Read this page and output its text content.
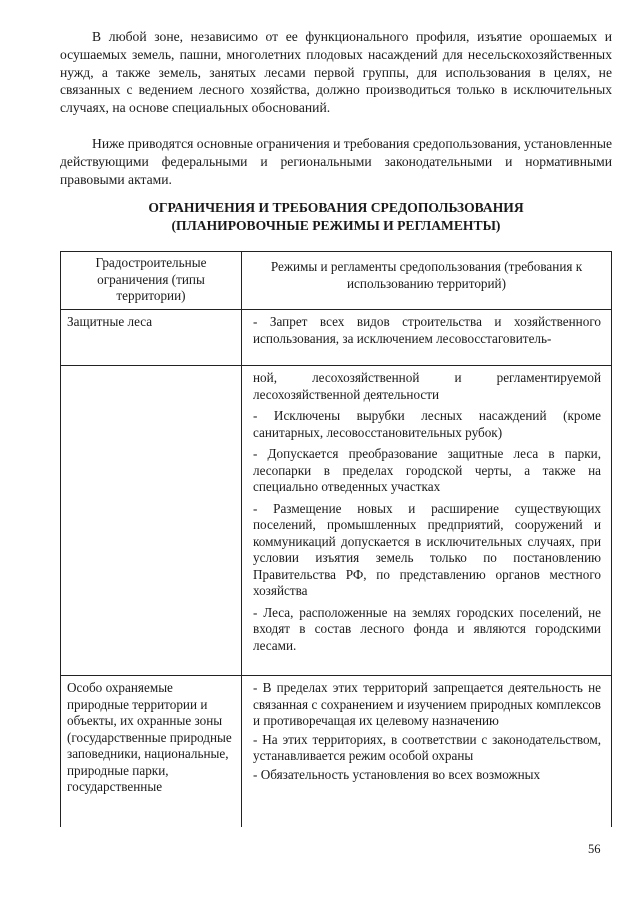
В любой зоне, независимо от ее функционального профиля, изъятие орошаемых и осушаемых земель, пашни, многолетних плодовых насаждений для несельскохозяйственных нужд, а также земель, занятых лесами первой группы, для использования в целях, не связанных с ведением лесного хозяйства, должно производиться только в исключительных случаях, на основе специальных обоснований.

Ниже приводятся основные ограничения и требования средопользования, установленные действующими федеральными и региональными законодательными и нормативными правовыми актами.

ОГРАНИЧЕНИЯ И ТРЕБОВАНИЯ СРЕДОПОЛЬЗОВАНИЯ
(ПЛАНИРОВОЧНЫЕ РЕЖИМЫ И РЕГЛАМЕНТЫ)
Градостроительные ограничения (типы территории)
Режимы и регламенты средопользования (требования к использованию территорий)
Защитные леса	- Запрет всех видов строительства и хозяйственного использования, за исключением лесовосстаговитель-

ной, лесохозяйственной и регламентируемой лесохозяйственной деятельности

- Исключены вырубки лесных насаждений (кроме санитарных, лесовосстановительных рубок)

- Допускается преобразование защитные леса в парки, лесопарки в пределах городской черты, а также на специально отведенных участках

- Размещение новых и расширение существующих поселений, промышленных предприятий, сооружений и коммуникаций допускается в исключительных случаях, при условии изъятия земель только по постановлению Правительства РФ, по представлению органов местного хозяйства

- Леса, расположенные на землях городских поселений, не входят в состав лесного фонда и являются городскими лесами.

Особо охраняемые природные территории и объекты, их охранные зоны (государственные природные заповедники, национальные, природные парки, государственные

- В пределах этих территорий запрещается деятельность не связанная с сохранением и изучением природных комплексов и противоречащая их целевому назначению

- На этих территориях, в соответствии с законодательством, устанавливается режим особой охраны

- Обязательность установления во всех возможных

56
